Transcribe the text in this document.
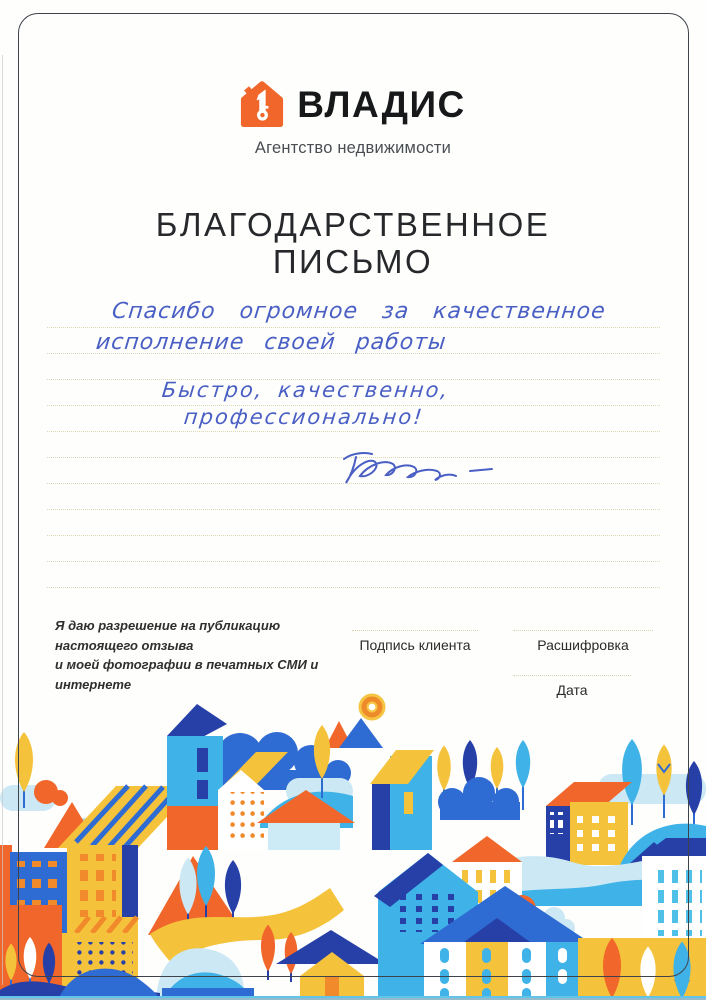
ВЛАДИС
Агентство недвижимости
БЛАГОДАРСТВЕННОЕ
ПИСЬМО
Спасибо огромное за качественное
исполнение своей работы
Быстро, качественно,
профессионально!
Я даю разрешение на публикацию настоящего отзыва
и моей фотографии в печатных СМИ и интернете
Подпись клиента	Расшифровка
Дата
